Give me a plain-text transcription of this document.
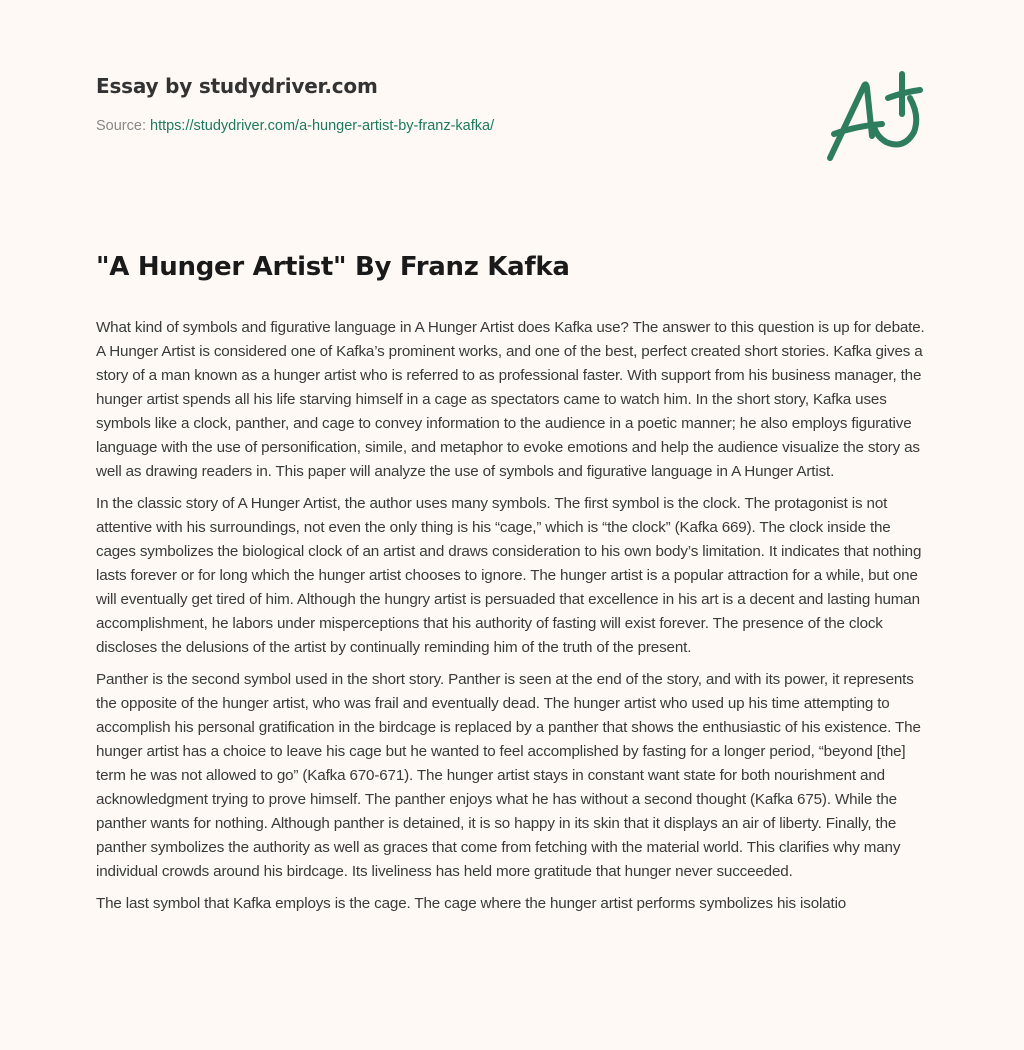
Essay by studydriver.com
Source: https://studydriver.com/a-hunger-artist-by-franz-kafka/
"A Hunger Artist" By Franz Kafka

What kind of symbols and figurative language in A Hunger Artist does Kafka use? The answer to this question is up for debate. A Hunger Artist is considered one of Kafka’s prominent works, and one of the best, perfect created short stories. Kafka gives a story of a man known as a hunger artist who is referred to as professional faster. With support from his business manager, the hunger artist spends all his life starving himself in a cage as spectators came to watch him. In the short story, Kafka uses symbols like a clock, panther, and cage to convey information to the audience in a poetic manner; he also employs figurative language with the use of personification, simile, and metaphor to evoke emotions and help the audience visualize the story as well as drawing readers in. This paper will analyze the use of symbols and figurative language in A Hunger Artist.

In the classic story of A Hunger Artist, the author uses many symbols. The first symbol is the clock. The protagonist is not attentive with his surroundings, not even the only thing is his “cage,” which is “the clock” (Kafka 669). The clock inside the cages symbolizes the biological clock of an artist and draws consideration to his own body’s limitation. It indicates that nothing lasts forever or for long which the hunger artist chooses to ignore. The hunger artist is a popular attraction for a while, but one will eventually get tired of him. Although the hungry artist is persuaded that excellence in his art is a decent and lasting human accomplishment, he labors under misperceptions that his authority of fasting will exist forever. The presence of the clock discloses the delusions of the artist by continually reminding him of the truth of the present.

Panther is the second symbol used in the short story. Panther is seen at the end of the story, and with its power, it represents the opposite of the hunger artist, who was frail and eventually dead. The hunger artist who used up his time attempting to accomplish his personal gratification in the birdcage is replaced by a panther that shows the enthusiastic of his existence. The hunger artist has a choice to leave his cage but he wanted to feel accomplished by fasting for a longer period, “beyond [the] term he was not allowed to go” (Kafka 670-671). The hunger artist stays in constant want state for both nourishment and acknowledgment trying to prove himself. The panther enjoys what he has without a second thought (Kafka 675). While the panther wants for nothing. Although panther is detained, it is so happy in its skin that it displays an air of liberty. Finally, the panther symbolizes the authority as well as graces that come from fetching with the material world. This clarifies why many individual crowds around his birdcage. Its liveliness has held more gratitude that hunger never succeeded.

The last symbol that Kafka employs is the cage. The cage where the hunger artist performs symbolizes his isolatio
